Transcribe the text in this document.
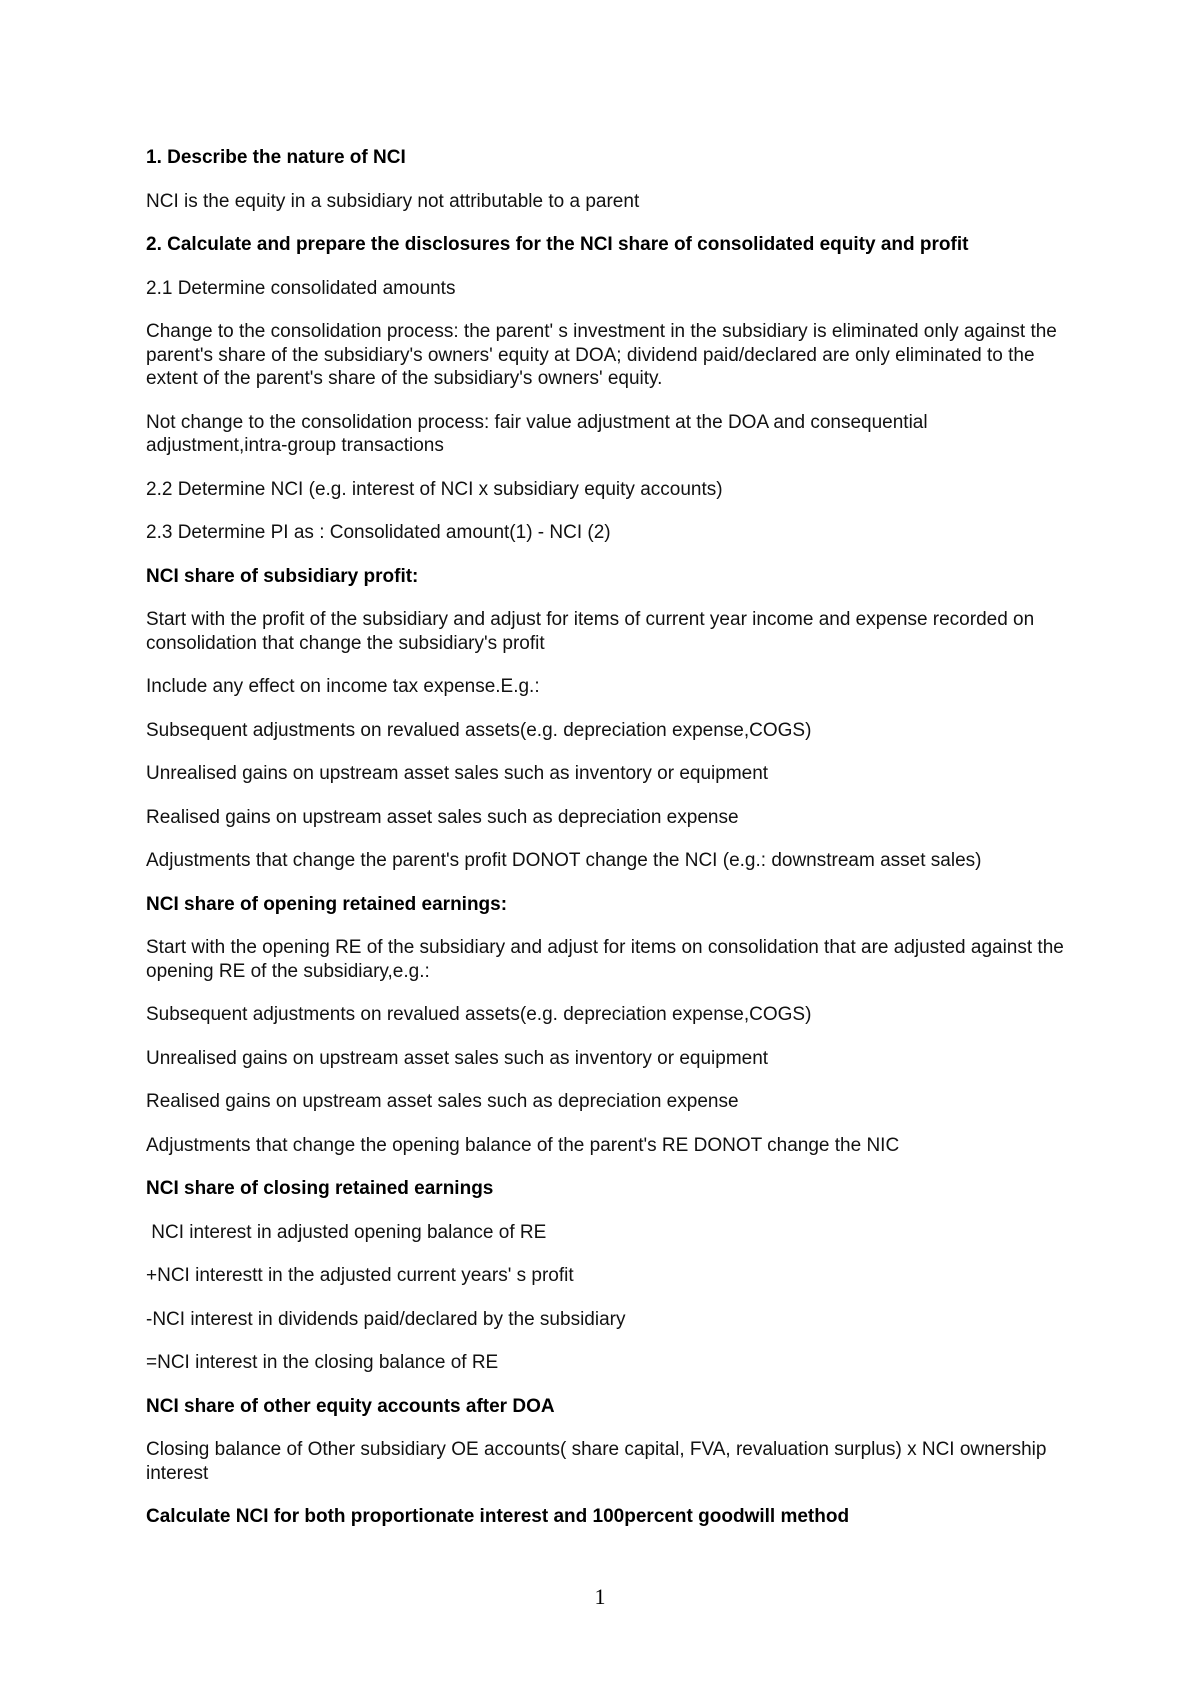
1. Describe the nature of NCI

NCI is the equity in a subsidiary not attributable to a parent

2. Calculate and prepare the disclosures for the NCI share of consolidated equity and profit

2.1 Determine consolidated amounts

Change to the consolidation process: the parent' s investment in the subsidiary is eliminated only against the parent's share of the subsidiary's owners' equity at DOA; dividend paid/declared are only eliminated to the extent of the parent's share of the subsidiary's owners' equity.

Not change to the consolidation process: fair value adjustment at the DOA and consequential adjustment,intra-group transactions

2.2 Determine NCI (e.g. interest of NCI x subsidiary equity accounts)

2.3 Determine PI as : Consolidated amount(1) - NCI (2)

NCI share of subsidiary profit:

Start with the profit of the subsidiary and adjust for items of current year income and expense recorded on consolidation that change the subsidiary's profit

Include any effect on income tax expense.E.g.:

Subsequent adjustments on revalued assets(e.g. depreciation expense,COGS)

Unrealised gains on upstream asset sales such as inventory or equipment

Realised gains on upstream asset sales such as depreciation expense

Adjustments that change the parent's profit DONOT change the NCI (e.g.: downstream asset sales)

NCI share of opening retained earnings:

Start with the opening RE of the subsidiary and adjust for items on consolidation that are adjusted against the opening RE of the subsidiary,e.g.:

Subsequent adjustments on revalued assets(e.g. depreciation expense,COGS)

Unrealised gains on upstream asset sales such as inventory or equipment

Realised gains on upstream asset sales such as depreciation expense

Adjustments that change the opening balance of the parent's RE DONOT change the NIC

NCI share of closing retained earnings

NCI interest in adjusted opening balance of RE

+NCI interestt in the adjusted current years' s profit

-NCI interest in dividends paid/declared by the subsidiary

=NCI interest in the closing balance of RE

NCI share of other equity accounts after DOA

Closing balance of Other subsidiary OE accounts( share capital, FVA, revaluation surplus) x NCI ownership interest

Calculate NCI for both proportionate interest and 100percent goodwill method

1
